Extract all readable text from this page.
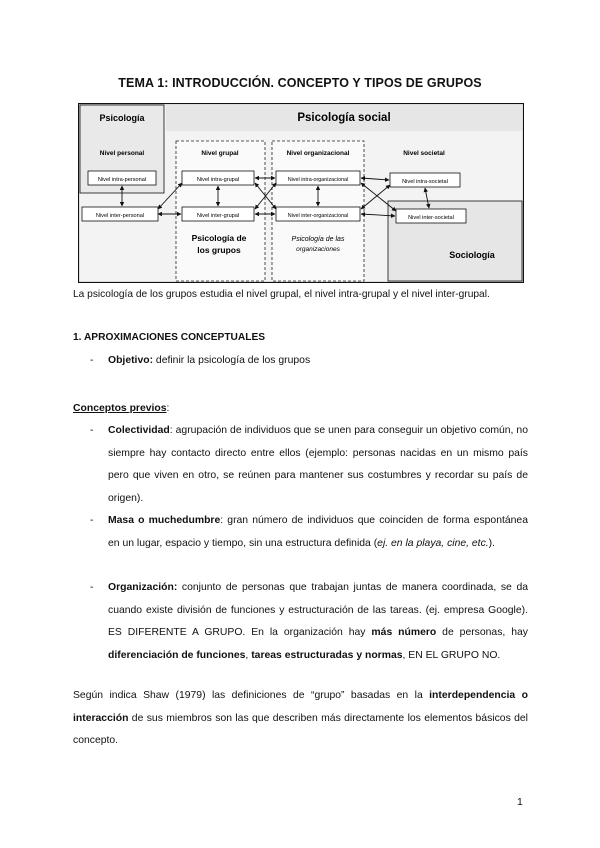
TEMA 1: INTRODUCCIÓN. CONCEPTO Y TIPOS DE GRUPOS
Psicología social
Psicología
Nivel personal	Nivel grupal	Nivel organizacional	Nivel societal
Sociología
Nivel intra-personal
Nivel inter-personal
Nivel intra-grupal
Nivel inter-grupal
Nivel intra-organizacional
Nivel inter-organizacional
Nivel intra-societal
Nivel inter-societal
Psicología de
los grupos
Psicología de las
organizaciones
La psicología de los grupos estudia el nivel grupal, el nivel intra-grupal y el nivel inter-grupal.
1. APROXIMACIONES CONCEPTUALES
- Objetivo: definir la psicología de los grupos
Conceptos previos:
- Colectividad: agrupación de individuos que se unen para conseguir un objetivo común, no siempre hay contacto directo entre ellos (ejemplo: personas nacidas en un mismo país pero que viven en otro, se reúnen para mantener sus costumbres y recordar su país de origen).
- Masa o muchedumbre: gran número de individuos que coinciden de forma espontánea en un lugar, espacio y tiempo, sin una estructura definida (ej. en la playa, cine, etc.).
- Organización: conjunto de personas que trabajan juntas de manera coordinada, se da cuando existe división de funciones y estructuración de las tareas. (ej. empresa Google). ES DIFERENTE A GRUPO. En la organización hay más número de personas, hay diferenciación de funciones, tareas estructuradas y normas, EN EL GRUPO NO.
Según indica Shaw (1979) las definiciones de “grupo” basadas en la interdependencia o interacción de sus miembros son las que describen más directamente los elementos básicos del concepto.
1
